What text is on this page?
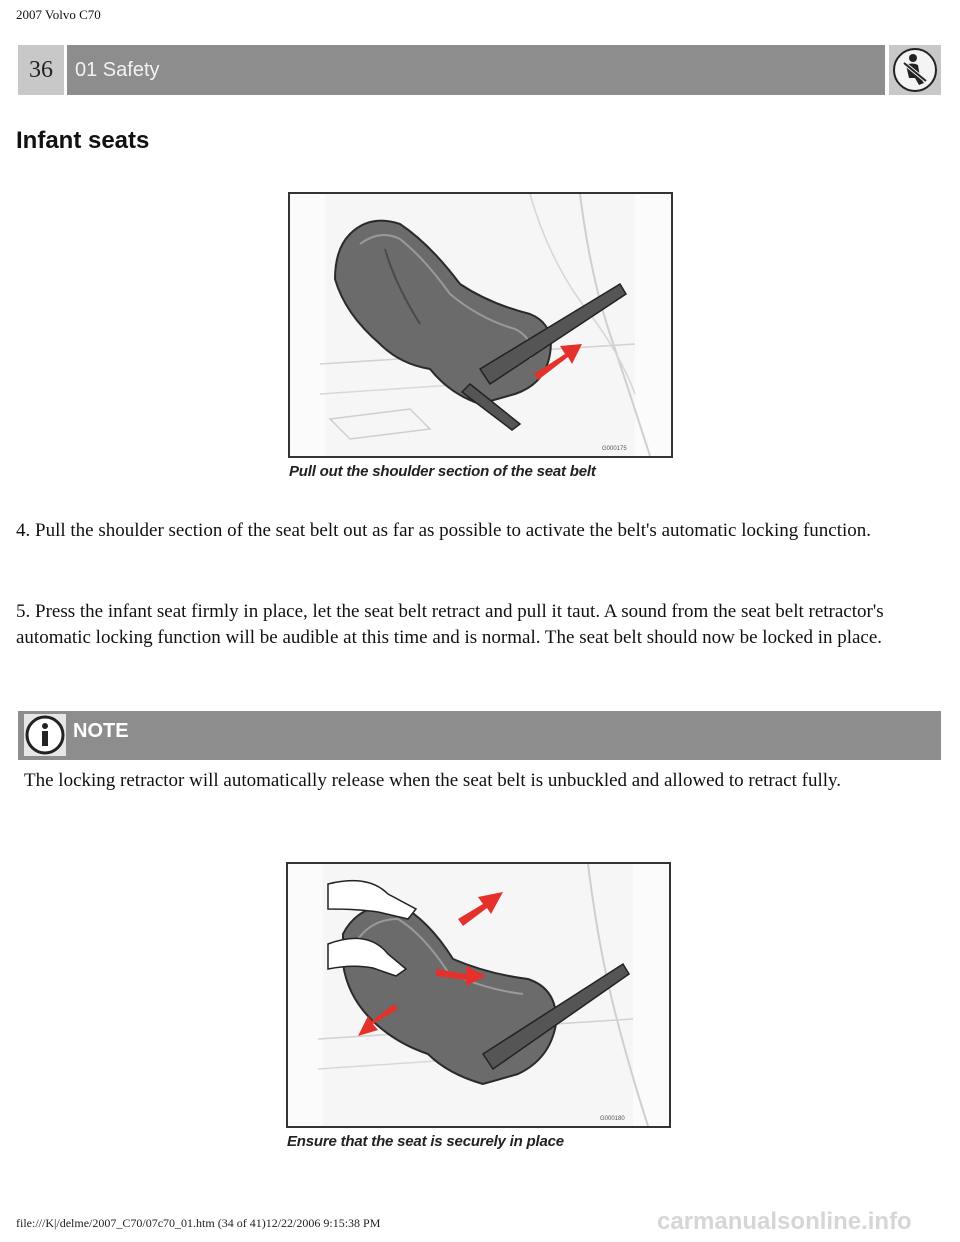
2007 Volvo C70
36	01 Safety
Infant seats
G000175
Pull out the shoulder section of the seat belt
4. Pull the shoulder section of the seat belt out as far as possible to activate the belt's automatic locking function.
5. Press the infant seat firmly in place, let the seat belt retract and pull it taut. A sound from the seat belt retractor's automatic locking function will be audible at this time and is normal. The seat belt should now be locked in place.
NOTE
The locking retractor will automatically release when the seat belt is unbuckled and allowed to retract fully.
G000180
Ensure that the seat is securely in place
file:///K|/delme/2007_C70/07c70_01.htm (34 of 41)12/22/2006 9:15:38 PM	carmanualsonline.info
